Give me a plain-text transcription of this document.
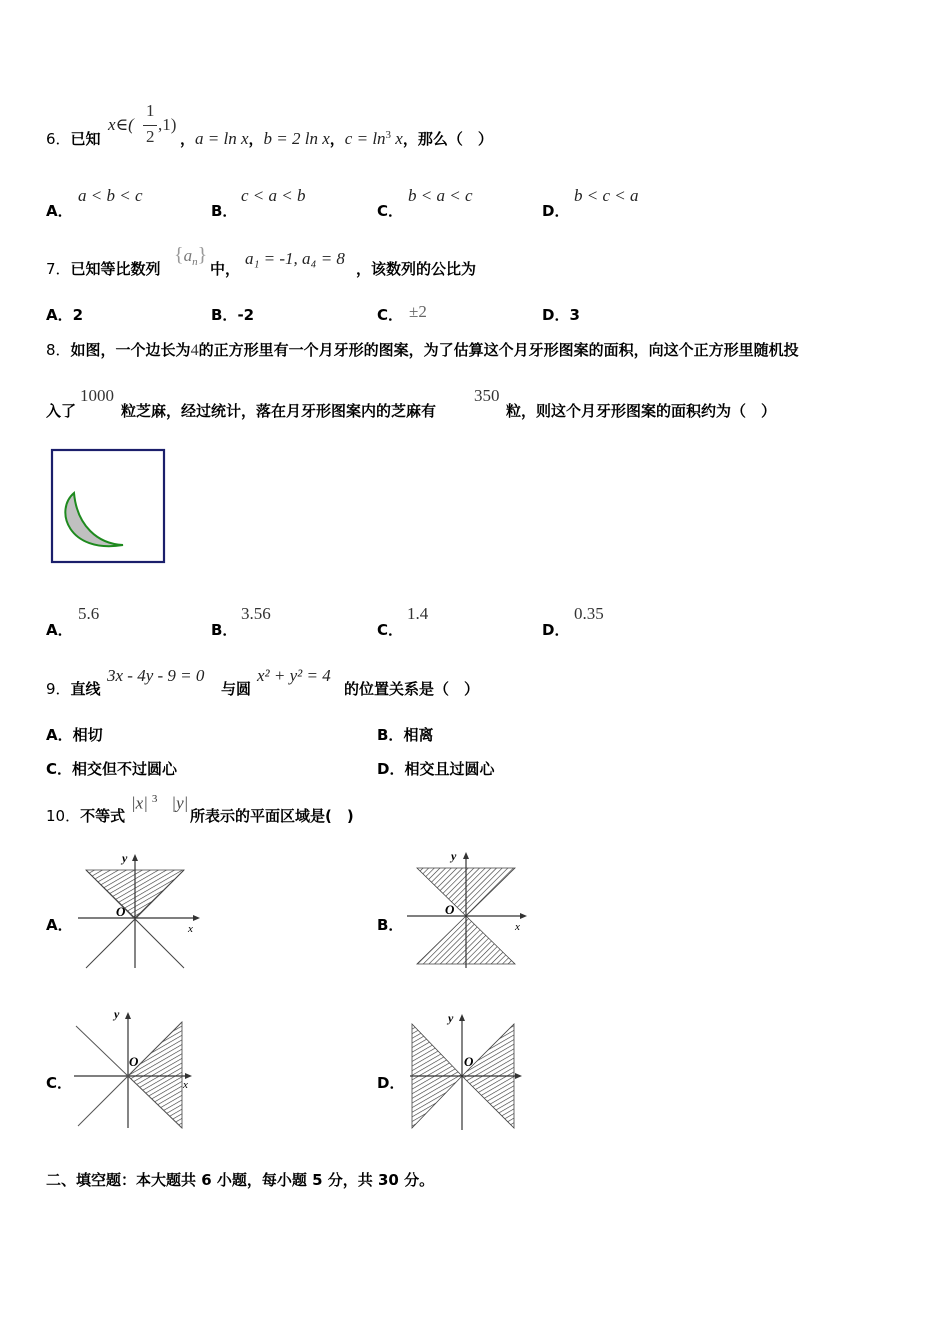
6．已知
x∈(
1
2
,1)
，a = ln x，b = 2 ln x，$c = \ln^3 x$，那么（　）
A．
a < b < c
B．
c < a < b
C．
b < a < c
D．
b < c < a
7．已知等比数列
$\{a_n\}$
中，
a₁ = -1, a₄ = 8
，该数列的公比为
A．2	B．-2	C． ±2	D．3
8．如图，一个边长为4的正方形里有一个月牙形的图案，为了估算这个月牙形图案的面积，向这个正方形里随机投
入了
1000
粒芝麻，经过统计，落在月牙形图案内的芝麻有
350
粒，则这个月牙形图案的面积约为（　）
A．
5.6
B．
3.56
C．
1.4
D．
0.35
9．直线
3x - 4y - 9 = 0
与圆
x² + y² = 4
的位置关系是（　）
A．相切	B．相离
C．相交但不过圆心	D．相交且过圆心
10．不等式
|x| $^3$ |y|
所表示的平面区域是(　)
A．
y
x
O
B．
y
x
O
C．
y
x
O
D．
y
O
二、填空题：本大题共 6 小题，每小题 5 分，共 30 分。
